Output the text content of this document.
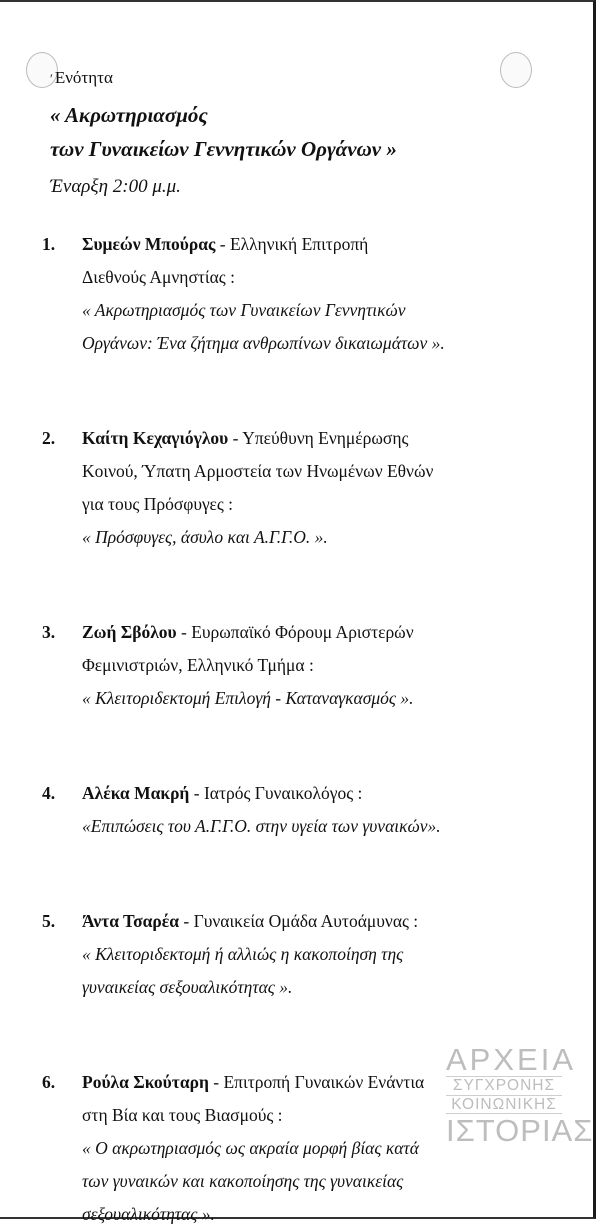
′ Ενότητα
« Ακρωτηριασμός
των Γυναικείων Γεννητικών Οργάνων »
Έναρξη 2:00 μ.μ.
1. Συμεών Μπούρας - Ελληνική Επιτροπή
Διεθνούς Αμνηστίας :
« Ακρωτηριασμός των Γυναικείων Γεννητικών
Οργάνων: Ένα ζήτημα ανθρωπίνων δικαιωμάτων ».
2. Καίτη Κεχαγιόγλου - Υπεύθυνη Ενημέρωσης
Κοινού, Ύπατη Αρμοστεία των Ηνωμένων Εθνών
για τους Πρόσφυγες :
« Πρόσφυγες, άσυλο και Α.Γ.Γ.Ο. ».
3. Ζωή Σβόλου - Ευρωπαϊκό Φόρουμ Αριστερών
Φεμινιστριών, Ελληνικό Τμήμα :
« Κλειτοριδεκτομή Επιλογή - Καταναγκασμός ».
4. Αλέκα Μακρή - Ιατρός Γυναικολόγος :
«Επιπώσεις του Α.Γ.Γ.Ο. στην υγεία των γυναικών».
5. Άντα Τσαρέα - Γυναικεία Ομάδα Αυτοάμυνας :
« Κλειτοριδεκτομή ή αλλιώς η κακοποίηση της
γυναικείας σεξουαλικότητας ».
6. Ρούλα Σκούταρη - Επιτροπή Γυναικών Ενάντια
στη Βία και τους Βιασμούς :
« Ο ακρωτηριασμός ως ακραία μορφή βίας κατά
των γυναικών και κακοποίησης της γυναικείας
σεξουαλικότητας ».
ΑΡΧΕΙΑ
ΣΥΓΧΡΟΝΗΣ
ΚΟΙΝΩΝΙΚΗΣ
ΙΣΤΟΡΙΑΣ
